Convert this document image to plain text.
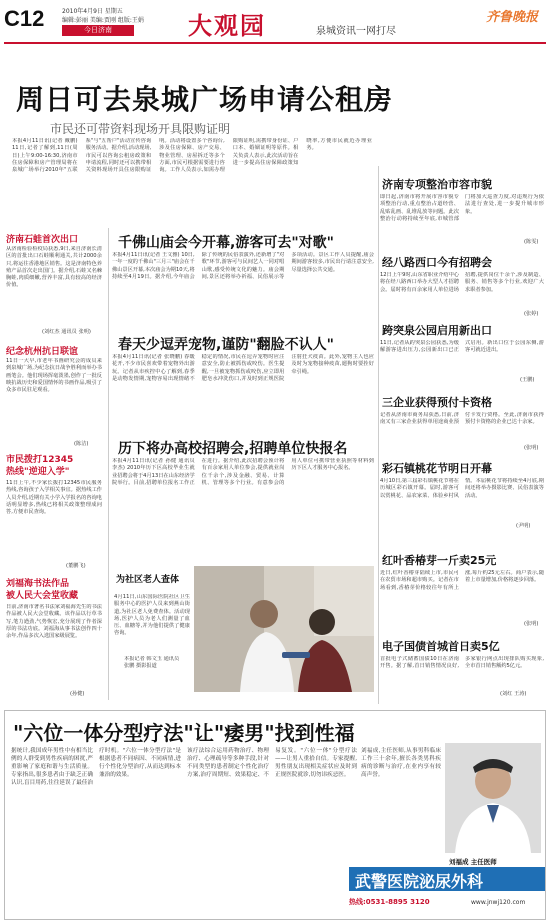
C12	2010年4月9日 星期五
编辑:彭丽 美编:贾刚 组版:王娟
今日济南	大观园	泉城资讯一网打尽
齐鲁晚报
周日可去泉城广场申请公租房
市民还可带资料现场开具限购证明
本报4月11日讯(记者 戴鹏) 11日,记者了解到,11日(周日)上午9:00-16:30,济南市住房保障和房产管理局将在泉城广场举行2010年"五联系"与"五帮户"活动宣传咨询服务活动。据介绍,活动现场,市民可以咨询公租房政策和申请流程,同时还可以携带相关资料现场开具住房限购证明。活动将设置多个咨询台,涉及住房保障、房产交易、物业管理、房屋拆迁等多个方面,市民可根据需要进行咨询。工作人员表示,如需办理限购证明,需携带身份证、户口本、婚姻证明等原件。相关负责人表示,此次活动旨在进一步提高住房保障政策知晓率,方便市民就近办理业务。
济南石蛙首次出口
从济南检验检疫局获悉,9日,来自济南长清区的首批出口石蛙顺利通关,共计2000余只,将运往香港地区销售。这是济南特色养殖产品首次走出国门。据介绍,石蛙又名棘胸蛙,肉质细嫩,营养丰富,具有较高的经济价值。
(刘红杰 通讯员 张明)
纪念杭州抗日联谊
11日一大早,市老年书画研究会的成员来到泉城广场,为纪念抗日战争胜利而举办书画笔会。他们现场挥毫泼墨,创作了一批反映抗战历史和爱国情怀的书画作品,吸引了众多市民驻足观看。
(陈洁)
市民拨打12345
热线"逆迎入学"
11日上午,不少家长拨打12345市民服务热线,咨询孩子入学相关事宜。据热线工作人员介绍,近期有关小学入学报名的咨询电话明显增多,热线已将相关政策整理成问答,方便市民查询。
(董鹏飞)
刘福海书法作品
被人民大会堂收藏
日前,济南市著名书法家刘福海先生的书法作品被人民大会堂收藏。该作品以行草书写,笔力遒劲,气势恢宏,充分展现了作者深厚的书法功底。刘福海从事书法创作四十余年,作品多次入选国家级展览。
(孙健)
千佛山庙会今开幕,游客可去"对歌"
本报4月11日讯(记者 王文雅) 10日,一年一度的千佛山"三月三"庙会在千佛山景区开幕,本次庙会为期10天,将持续至4月19日。据介绍,今年庙会除了传统的民俗表演外,还新增了"对歌"环节,游客可与民间艺人一同对唱山歌,感受传统文化的魅力。庙会期间,景区还将举办祈福、民俗展示等多项活动。景区工作人员提醒,庙会期间游客较多,市民出行请注意安全,尽量选择公共交通。
春天少逗弄宠物,谨防"翻脸不认人"
本报4月11日讯(记者 张晓鹏) 春暖花开,不少市民喜欢带着宠物外出游玩。记者从市疾控中心了解到,春季是动物发情期,宠物容易出现情绪不稳定的情况,市民在逗弄宠物时应注意安全,防止被抓伤或咬伤。医生提醒,一旦被宠物抓伤或咬伤,应立即用肥皂水冲洗伤口,并及时到正规医院注射狂犬疫苗。此外,宠物主人也应及时为宠物接种疫苗,遛狗时要拴好牵引绳。
历下将办高校招聘会,招聘单位快报名
本报4月11日讯(记者 孙健 通讯员 李杰) 2010年历下区高校毕业生就业招聘会将于4月13日在山东经济学院举行。目前,招聘单位报名工作正在进行。据介绍,此次招聘会预计将有百余家用人单位参会,提供就业岗位千余个,涉及金融、贸易、计算机、管理等多个行业。有意参会的用人单位可携带营业执照等材料到历下区人才服务中心报名。
为社区老人查体
4月11日,山东国际医院社区卫生服务中心的医护人员来到燕山街道,为社区老人免费查体。活动现场,医护人员为老人们测量了血压、血糖等,并为他们提供了健康咨询。
本报记者 韩文玉 通讯员 张鹏 摄影报道
济南专项整治市容市貌
即日起,济南市将开展市容市貌专项整治行动,重点整治占道经营、乱贴乱画、乱堆乱放等问题。此次整治行动将持续至年底,市城管部门将加大巡查力度,对违规行为依法进行查处,进一步提升城市形象。
(陈雯)
经八路西口今有招聘会
12日上午9时,山东省职业介绍中心将在经八路西口举办大型人才招聘会。届时将有百余家用人单位进场招聘,提供岗位千余个,涉及制造、服务、销售等多个行业,欢迎广大求职者参加。
(张婷)
跨突泉公园启用新出口
11日,记者从趵突泉公园获悉,为缓解游客进出压力,公园新出口已正式启用。新出口位于公园东侧,游客可就近进出。
(王鹏)
三企业获得预付卡资格
记者从济南市商务局获悉,日前,济南又有三家企业获得单用途商业预付卡发行资格。至此,济南市获得预付卡资格的企业已达十余家。
(张明)
彩石镇桃花节明日开幕
4月10日,第三届彩石镇桃花节将在历城区彩石镇开幕。届时,游客可以赏桃花、品农家菜、体验乡村风情。本届桃花节将持续至4月底,期间还将举办摄影比赛、民俗表演等活动。
(尹明)
红叶香椿芽一斤卖25元
近日,红叶香椿芽陆续上市,市民可在农贸市场和超市购买。记者在市场看到,香椿芽价格较往年有所上涨,每斤约25元左右。商户表示,随着上市量增加,价格将逐步回落。
(张明)
电子国债首城首日卖5亿
首批电子式储蓄国债10日在济南开售。据了解,首日销售情况良好,多家银行网点出现排队购买现象,全市首日销售额约5亿元。
(刘红 王涛)
"六位一体分型疗法"让"痿男"找到性福
据统计,我国成年男性中有相当比例的人群受到男性疾病的困扰,严重影响了家庭和谐与生活质量。专家指出,很多患者由于缺乏正确认识,盲目用药,往往延误了最佳治疗时机。"六位一体分型疗法"是根据患者不同病因、不同病情,进行个性化分型治疗,从而达到标本兼治的效果。
该疗法综合运用药物治疗、物理治疗、心理疏导等多种手段,针对不同类型的患者制定个性化治疗方案,治疗周期短、效果稳定、不易复发。"六位一体"分型疗法——让男人重拾自信。专家提醒,男性朋友出现相关症状应及时到正规医院就诊,切勿讳疾忌医。
刘福成,主任医师,从事男科临床工作三十余年,擅长各类男科疾病的诊断与治疗,在业内享有较高声誉。
刘福成 主任医师
武警医院泌尿外科
热线:0531-8895 3120	www.jnwj120.com
